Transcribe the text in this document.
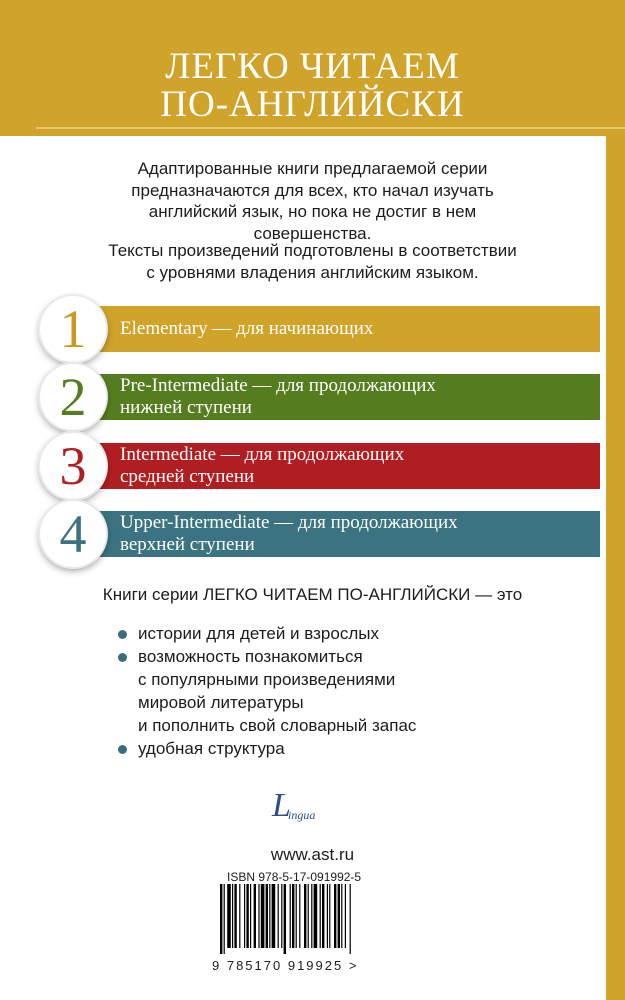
ЛЕГКО ЧИТАЕМ
ПО-АНГЛИЙСКИ

Адаптированные книги предлагаемой серии
предназначаются для всех, кто начал изучать
английский язык, но пока не достиг в нем
совершенства.

Тексты произведений подготовлены в соответствии
с уровнями владения английским языком.

1	Elementary — для начинающих
2	Pre-Intermediate — для продолжающих
нижней ступени
3	Intermediate — для продолжающих
средней ступени
4	Upper-Intermediate — для продолжающих
верхней ступени
Книги серии ЛЕГКО ЧИТАЕМ ПО-АНГЛИЙСКИ — это
истории для детей и взрослых
возможность познакомиться
с популярными произведениями
мировой литературы
и пополнить свой словарный запас
удобная структура
L
ingua
www.ast.ru
ISBN 978-5-17-091992-5
9 785170 919925 >
